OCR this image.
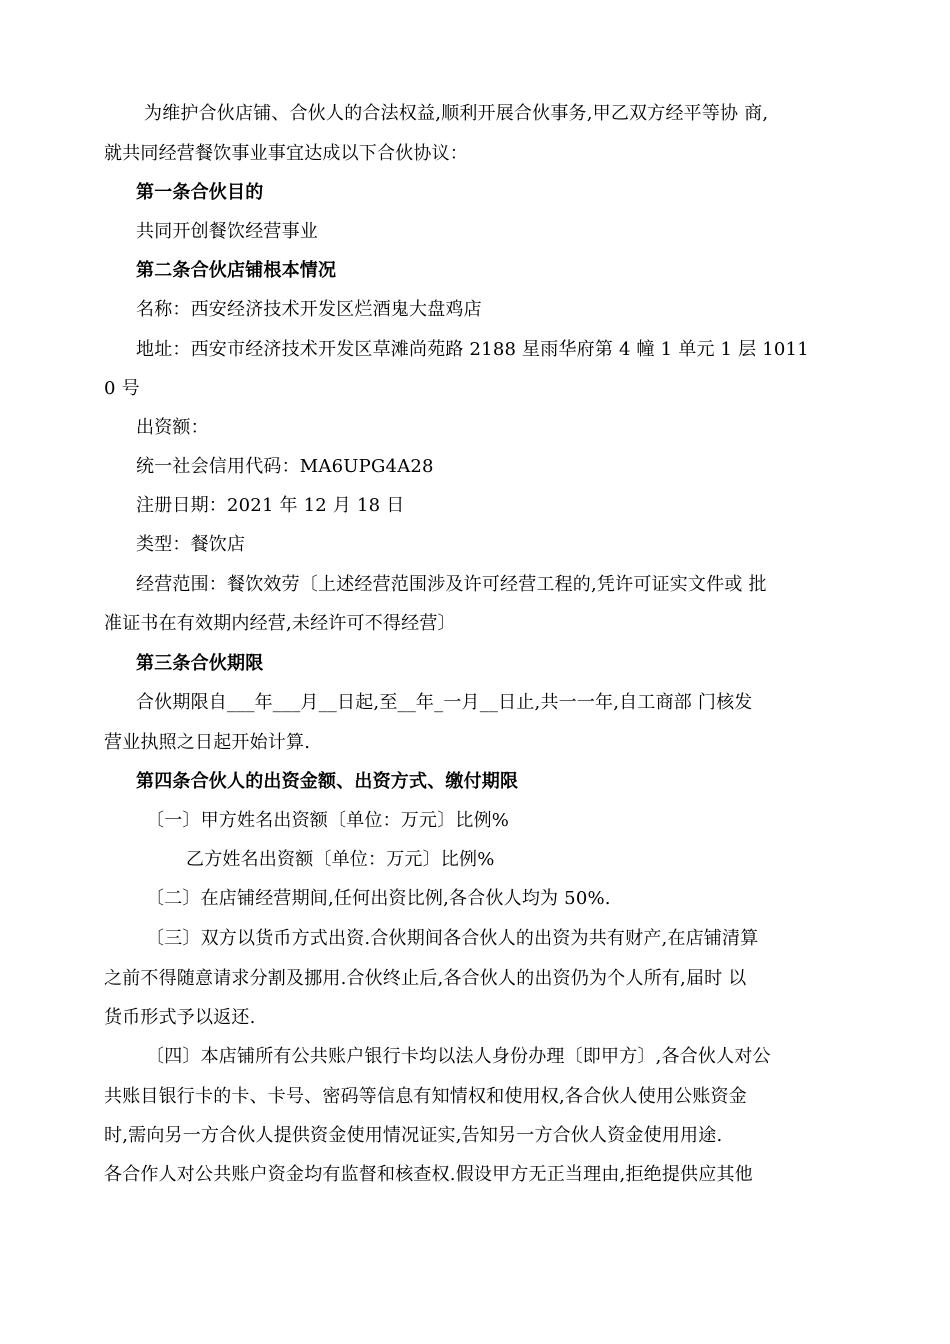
为维护合伙店铺、合伙人的合法权益,顺利开展合伙事务,甲乙双方经平等协 商,
就共同经营餐饮事业事宜达成以下合伙协议：
第一条合伙目的
共同开创餐饮经营事业
第二条合伙店铺根本情况
名称：西安经济技术开发区烂酒鬼大盘鸡店
地址：西安市经济技术开发区草滩尚苑路 2188 星雨华府第 4 幢 1 单元 1 层 1011
0 号
出资额：
统一社会信用代码：MA6UPG4A28
注册日期：2021 年 12 月 18 日
类型：餐饮店
经营范围：餐饮效劳〔上述经营范围涉及许可经营工程的,凭许可证实文件或 批
准证书在有效期内经营,未经许可不得经营〕
第三条合伙期限
合伙期限自___年___月__日起,至__年_一月__日止,共一一年,自工商部 门核发
营业执照之日起开始计算.
第四条合伙人的出资金额、出资方式、缴付期限
〔一〕甲方姓名出资额〔单位：万元〕比例%
乙方姓名出资额〔单位：万元〕比例%
〔二〕在店铺经营期间,任何出资比例,各合伙人均为 50%.
〔三〕双方以货币方式出资.合伙期间各合伙人的出资为共有财产,在店铺清算
之前不得随意请求分割及挪用.合伙终止后,各合伙人的出资仍为个人所有,届时 以
货币形式予以返还.
〔四〕本店铺所有公共账户银行卡均以法人身份办理〔即甲方〕,各合伙人对公
共账目银行卡的卡、卡号、密码等信息有知情权和使用权,各合伙人使用公账资金
时,需向另一方合伙人提供资金使用情况证实,告知另一方合伙人资金使用用途.
各合作人对公共账户资金均有监督和核查权.假设甲方无正当理由,拒绝提供应其他
